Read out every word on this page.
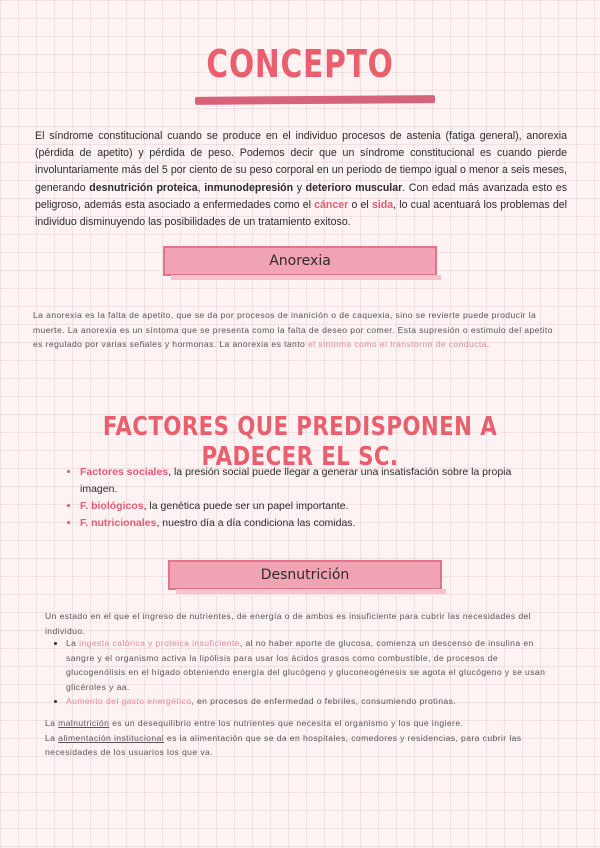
CONCEPTO
El síndrome constitucional cuando se produce en el individuo procesos de astenia (fatiga general), anorexia (pérdida de apetito) y pérdida de peso. Podemos decir que un síndrome constitucional es cuando pierde involuntariamente más del 5 por ciento de su peso corporal en un periodo de tiempo igual o menor a seis meses, generando desnutrición proteica, inmunodepresión y deterioro muscular. Con edad más avanzada esto es peligroso, además esta asociado a enfermedades como el cáncer o el sida, lo cual acentuará los problemas del individuo disminuyendo las posibilidades de un tratamiento exitoso.
Anorexia
La anorexia es la falta de apetito, que se da por procesos de inanición o de caquexia, sino se revierte puede producir la muerte. La anorexia es un síntoma que se presenta como la falta de deseo por comer. Esta supresión o estimulo del apetito es regulado por varias señales y hormonas. La anorexia es tanto el síntoma como el transtorno de conducta.
FACTORES QUE PREDISPONEN A PADECER EL SC.
• Factores sociales, la presión social puede llegar a generar una insatisfación sobre la propia imagen.
• F. biológicos, la genética puede ser un papel importante.
• F. nutricionales, nuestro día a día condiciona las comidas.
Desnutrición
Un estado en el que el ingreso de nutrientes, de energía o de ambos es insuficiente para cubrir las necesidades del individuo.
• La ingesta calórica y proteica insuficiente, al no haber aporte de glucosa, comienza un descenso de insulina en sangre y el organismo activa la lipólisis para usar los ácidos grasos como combustible, de procesos de glucogenólisis en el hígado obteniendo energía del glucógeno y gluconeogénesis se agota el glucógeno y se usan glicéroles y aa.
• Aumento del gasto energético, en procesos de enfermedad o febriles, consumiendo protinas.
La malnutrición es un desequilibrio entre los nutrientes que necesita el organismo y los que ingiere.
La alimentación institucional es la alimentación que se da en hospitales, comedores y residencias, para cubrir las necesidades de los usuarios los que va.
